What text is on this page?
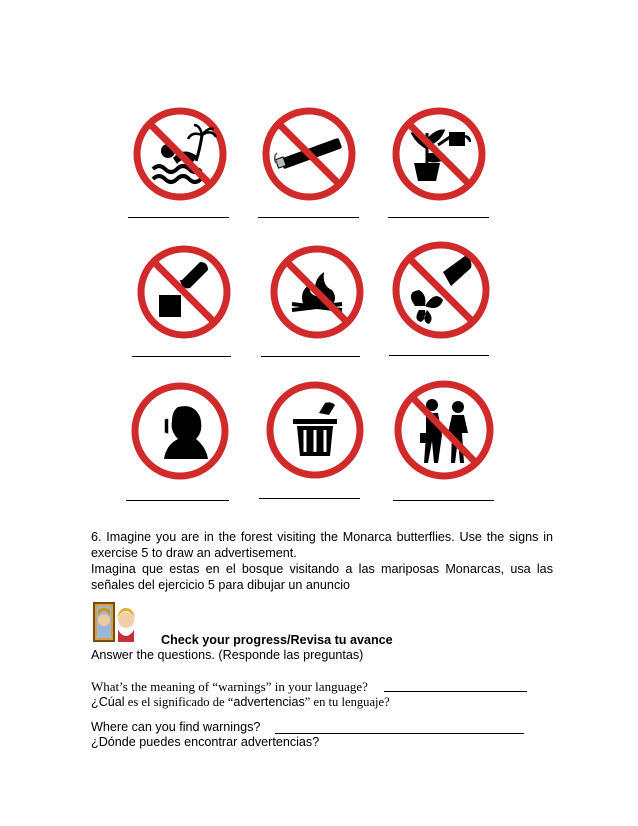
6. Imagine you are in the forest visiting the Monarca butterflies. Use the signs in exercise 5 to draw an advertisement.
Imagina que estas en el bosque visitando a las mariposas Monarcas, usa las señales del ejercicio 5 para dibujar un anuncio
Check your progress/Revisa tu avance
Answer the questions. (Responde las preguntas)
What’s the meaning of “warnings” in your language?
¿Cúal es el significado de “advertencias” en tu lenguaje?
Where can you find warnings?
¿Dónde puedes encontrar advertencias?
